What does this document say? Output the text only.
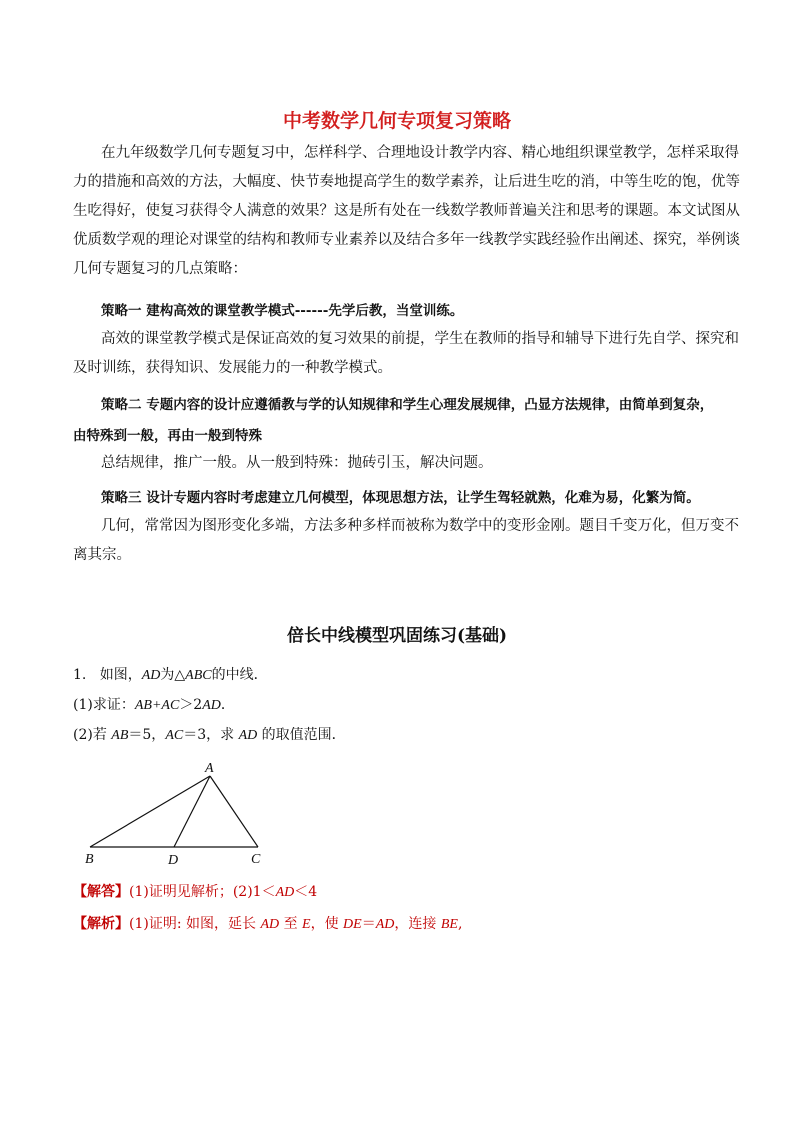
中考数学几何专项复习策略
在九年级数学几何专题复习中，怎样科学、合理地设计教学内容、精心地组织课堂教学，怎样采取得
力的措施和高效的方法，大幅度、快节奏地提高学生的数学素养，让后进生吃的消，中等生吃的饱，优等
生吃得好，使复习获得令人满意的效果？这是所有处在一线数学教师普遍关注和思考的课题。本文试图从
优质数学观的理论对课堂的结构和教师专业素养以及结合多年一线教学实践经验作出阐述、探究，举例谈
几何专题复习的几点策略：
策略一 建构高效的课堂教学模式------先学后教，当堂训练。
高效的课堂教学模式是保证高效的复习效果的前提，学生在教师的指导和辅导下进行先自学、探究和
及时训练，获得知识、发展能力的一种教学模式。
策略二 专题内容的设计应遵循教与学的认知规律和学生心理发展规律，凸显方法规律，由简单到复杂，
由特殊到一般，再由一般到特殊
总结规律，推广一般。从一般到特殊：抛砖引玉，解决问题。
策略三 设计专题内容时考虑建立几何模型，体现思想方法，让学生驾轻就熟，化难为易，化繁为简。
几何，常常因为图形变化多端，方法多种多样而被称为数学中的变形金刚。题目千变万化，但万变不
离其宗。
倍长中线模型巩固练习(基础)
1. 如图，AD为△ABC的中线．
(1)求证：AB+AC＞2AD．
(2)若 AB＝5，AC＝3，求 AD 的取值范围．
A
B	D	C
【解答】(1)证明见解析；(2)1＜AD＜4
【解析】(1)证明: 如图，延长 AD 至 E，使 DE＝AD，连接 BE,
